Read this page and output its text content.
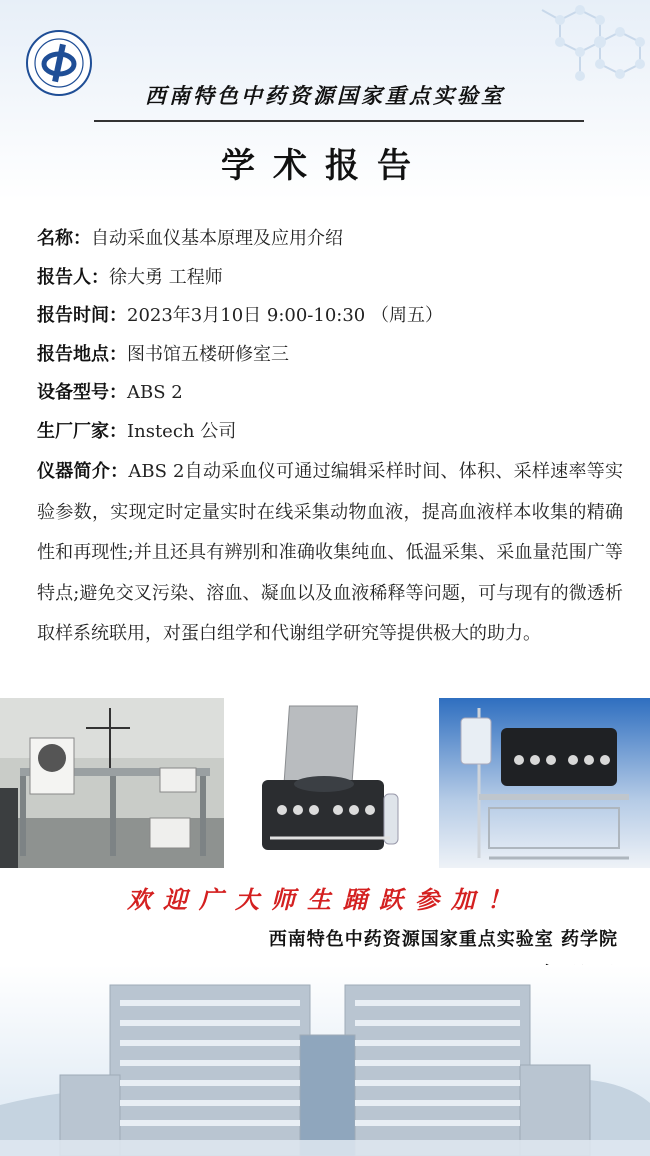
西南特色中药资源国家重点实验室
学术报告
名称： 自动采血仪基本原理及应用介绍
报告人： 徐大勇 工程师
报告时间： 2023年3月10日 9:00-10:30 （周五）
报告地点： 图书馆五楼研修室三
设备型号： ABS 2
生厂厂家： Instech 公司
仪器简介：ABS 2自动采血仪可通过编辑采样时间、体积、采样速率等实验参数，实现定时定量实时在线采集动物血液，提高血液样本收集的精确性和再现性;并且还具有辨别和准确收集纯血、低温采集、采血量范围广等特点;避免交叉污染、溶血、凝血以及血液稀释等问题，可与现有的微透析取样系统联用，对蛋白组学和代谢组学研究等提供极大的助力。
欢迎广大师生踊跃参加！
西南特色中药资源国家重点实验室 药学院
